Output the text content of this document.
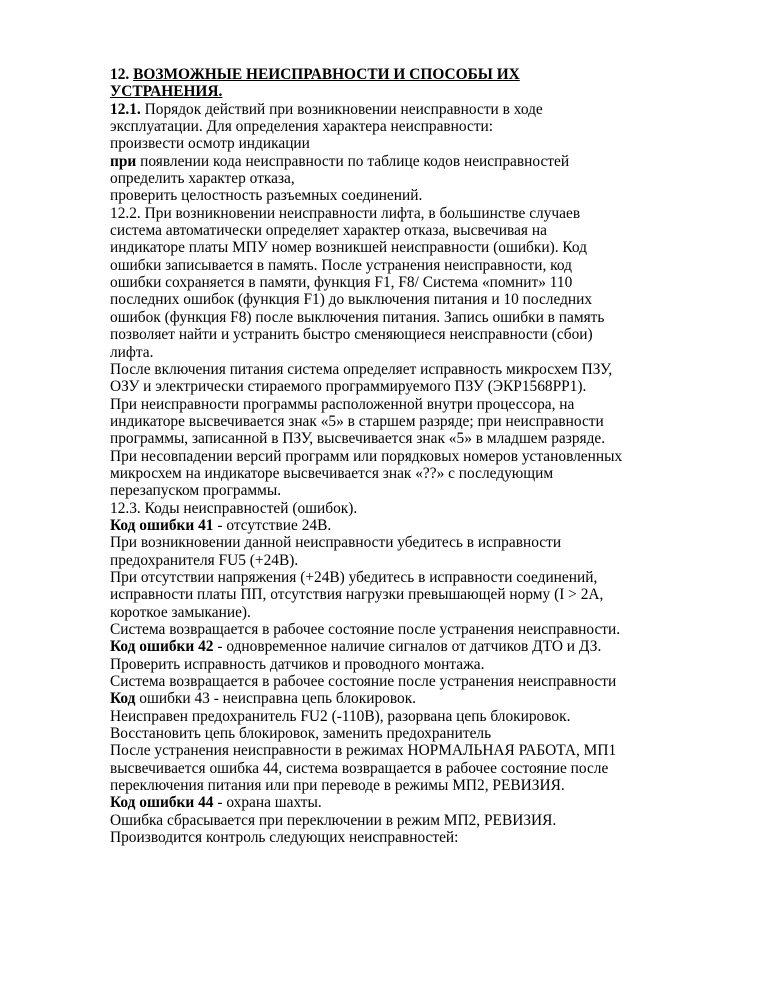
12. ВОЗМОЖНЫЕ НЕИСПРАВНОСТИ И СПОСОБЫ ИХ
УСТРАНЕНИЯ.
12.1. Порядок действий при возникновении неисправности в ходе
эксплуатации. Для определения характера неисправности:
произвести осмотр индикации
при появлении кода неисправности по таблице кодов неисправностей
определить характер отказа,
проверить целостность разъемных соединений.
12.2. При возникновении неисправности лифта, в большинстве случаев
система автоматически определяет характер отказа, высвечивая на
индикаторе платы МПУ номер возникшей неисправности (ошибки). Код
ошибки записывается в память. После устранения неисправности, код
ошибки сохраняется в памяти, функция F1, F8/ Система «помнит» 110
последних ошибок (функция F1) до выключения питания и 10 последних
ошибок (функция F8) после выключения питания. Запись ошибки в память
позволяет найти и устранить быстро сменяющиеся неисправности (сбои)
лифта.
После включения питания система определяет исправность микросхем ПЗУ,
ОЗУ и электрически стираемого программируемого ПЗУ (ЭКР1568РР1).
При неисправности программы расположенной внутри процессора, на
индикаторе высвечивается знак «5» в старшем разряде; при неисправности
программы, записанной в ПЗУ, высвечивается знак «5» в младшем разряде.
При несовпадении версий программ или порядковых номеров установленных
микросхем на индикаторе высвечивается знак «??» с последующим
перезапуском программы.
12.3. Коды неисправностей (ошибок).
Код ошибки 41 - отсутствие 24В.
При возникновении данной неисправности убедитесь в исправности
предохранителя FU5 (+24В).
При отсутствии напряжения (+24В) убедитесь в исправности соединений,
исправности платы ПП, отсутствия нагрузки превышающей норму (I > 2А,
короткое замыкание).
Система возвращается в рабочее состояние после устранения неисправности.
Код ошибки 42 - одновременное наличие сигналов от датчиков ДТО и ДЗ.
Проверить исправность датчиков и проводного монтажа.
Система возвращается в рабочее состояние после устранения неисправности
Код ошибки 43 - неисправна цепь блокировок.
Неисправен предохранитель FU2 (-110В), разорвана цепь блокировок.
Восстановить цепь блокировок, заменить предохранитель
После устранения неисправности в режимах НОРМАЛЬНАЯ РАБОТА, МП1
высвечивается ошибка 44, система возвращается в рабочее состояние после
переключения питания или при переводе в режимы МП2, РЕВИЗИЯ.
Код ошибки 44 - охрана шахты.
Ошибка сбрасывается при переключении в режим МП2, РЕВИЗИЯ.
Производится контроль следующих неисправностей:
